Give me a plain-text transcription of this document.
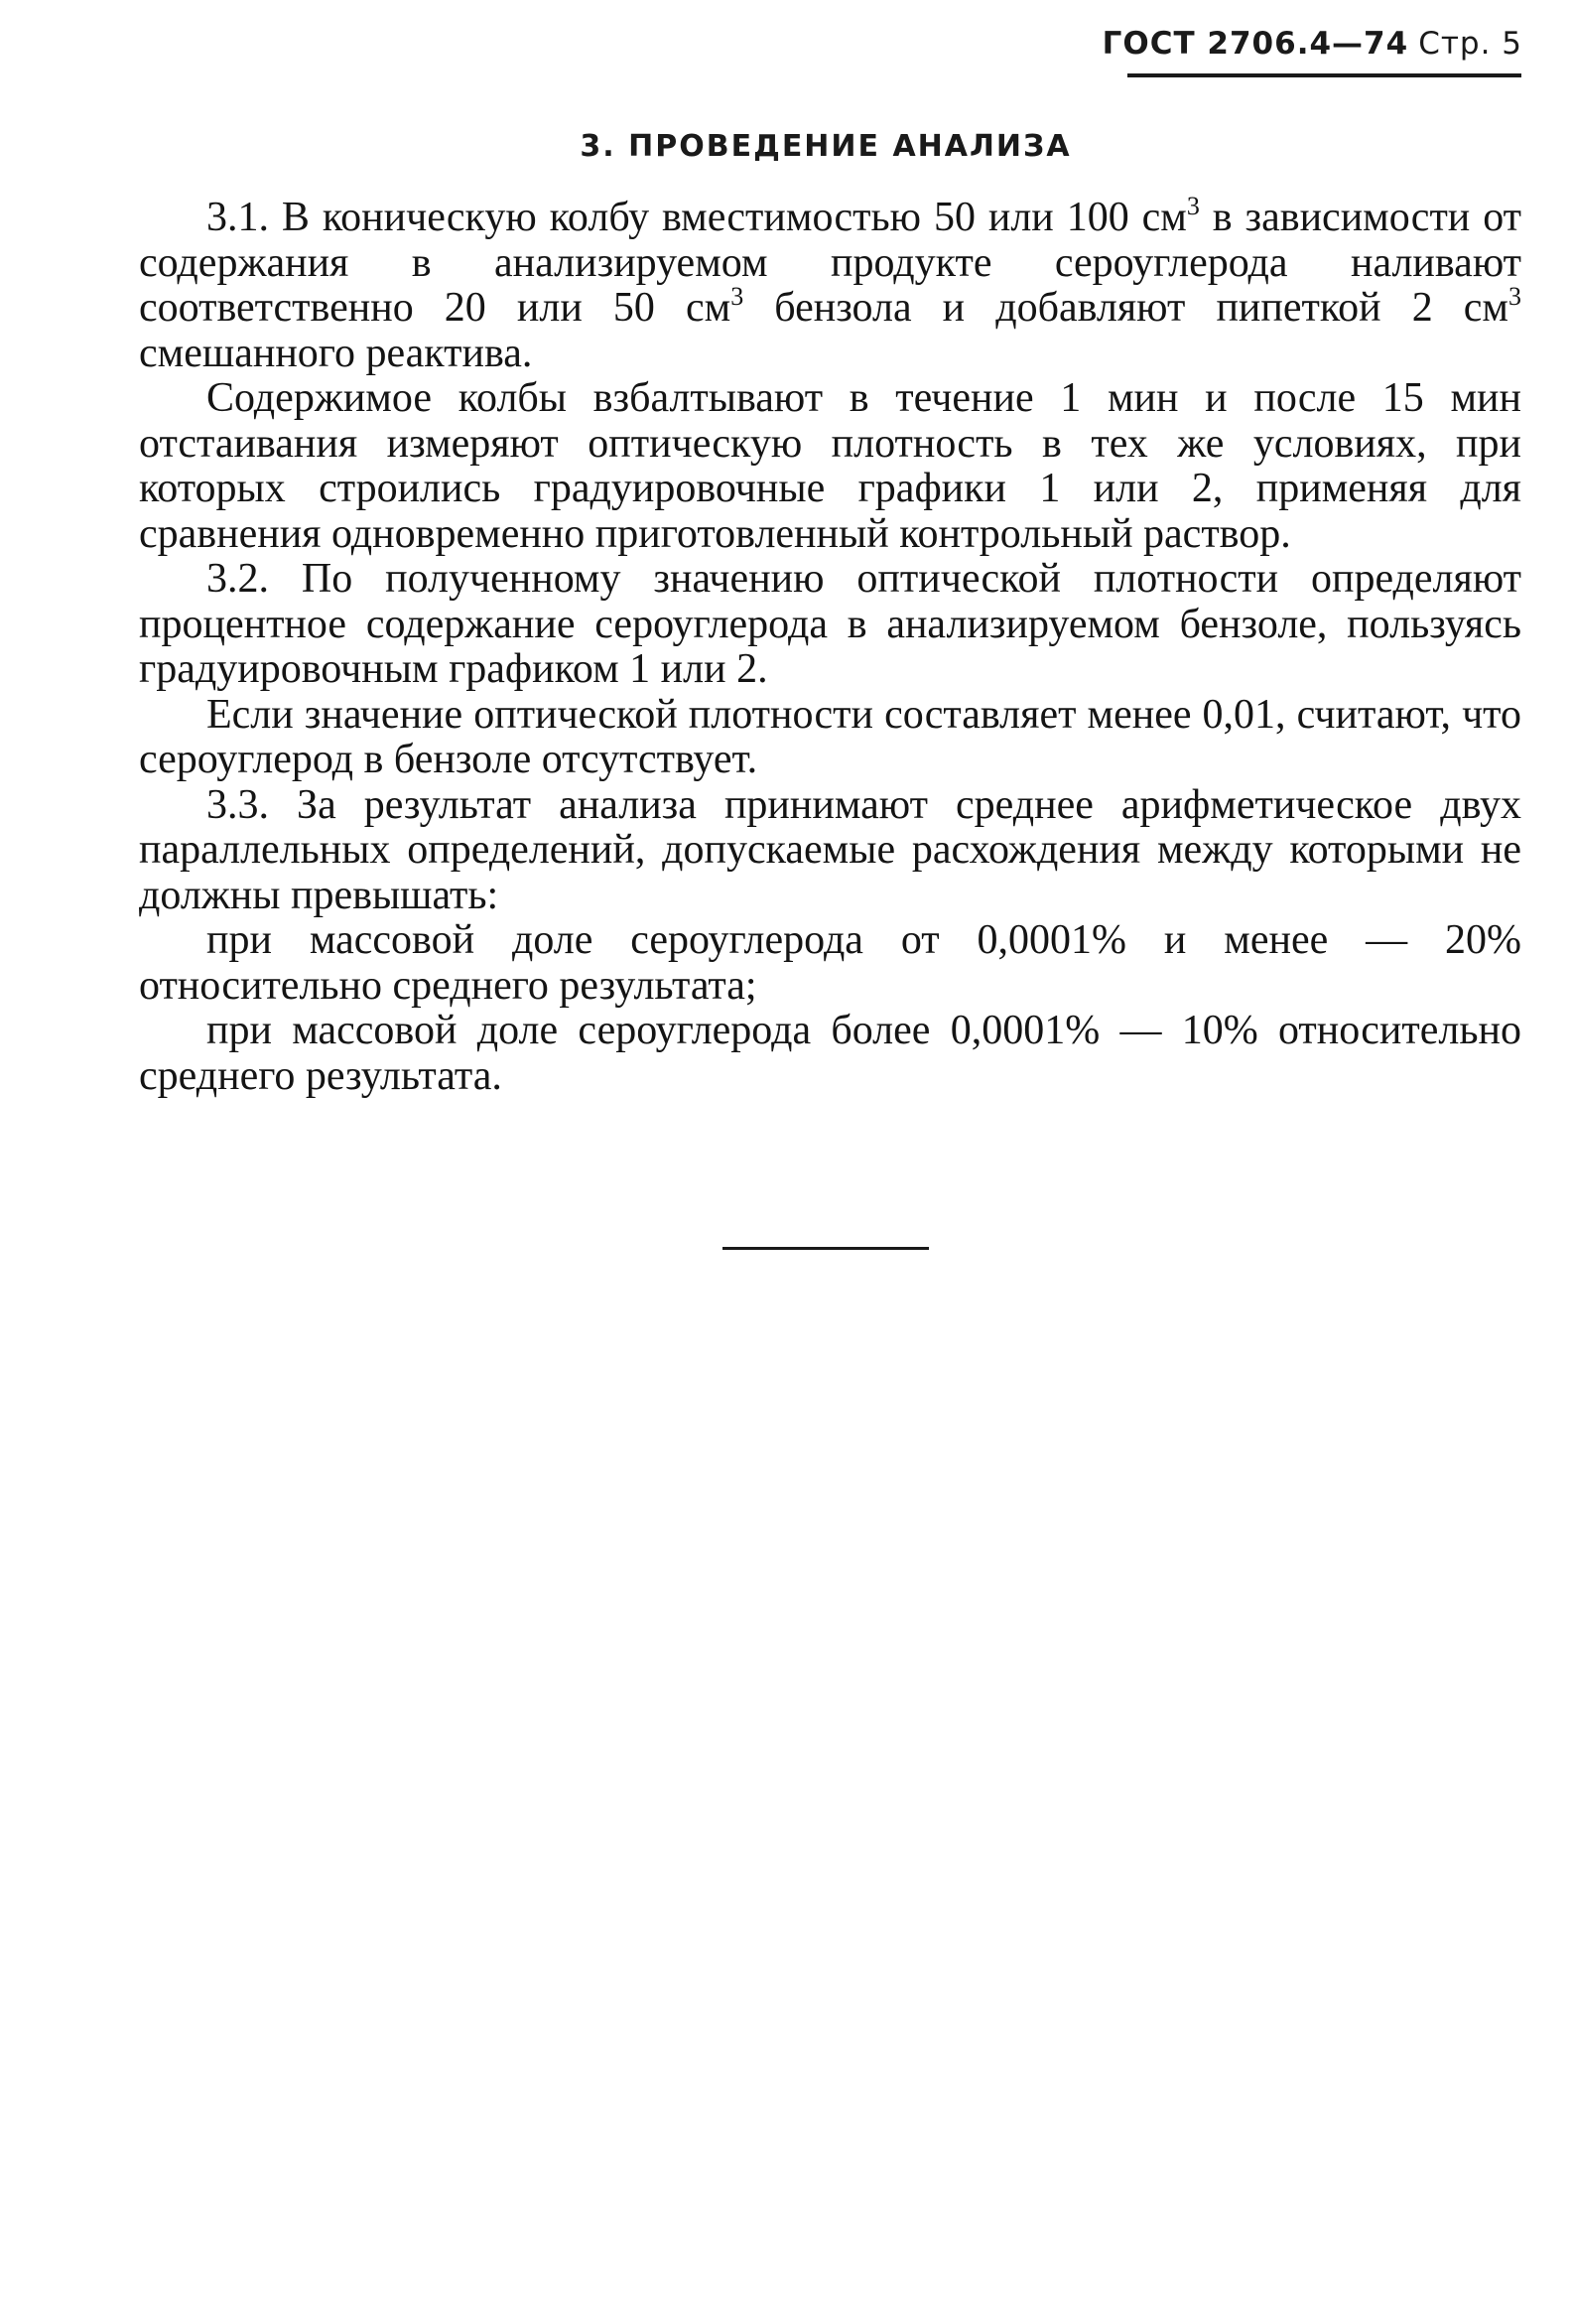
ГОСТ 2706.4—74 Стр. 5
3. ПРОВЕДЕНИЕ АНАЛИЗА

3.1. В коническую колбу вместимостью 50 или 100 $см^3$ в зависимости от содержания в анализируемом продукте сероуглерода наливают соответственно 20 или 50 $см^3$ бензола и добавляют пипеткой 2 $см^3$ смешанного реактива.

Содержимое колбы взбалтывают в течение 1 мин и после 15 мин отстаивания измеряют оптическую плотность в тех же условиях, при которых строились градуировочные графики 1 или 2, применяя для сравнения одновременно приготовленный контрольный раствор.

3.2. По полученному значению оптической плотности определяют процентное содержание сероуглерода в анализируемом бензоле, пользуясь градуировочным графиком 1 или 2.

Если значение оптической плотности составляет менее 0,01, считают, что сероуглерод в бензоле отсутствует.

3.3. За результат анализа принимают среднее арифметическое двух параллельных определений, допускаемые расхождения между которыми не должны превышать:

при массовой доле сероуглерода от 0,0001% и менее — 20% относительно среднего результата;

при массовой доле сероуглерода более 0,0001% — 10% относительно среднего результата.
